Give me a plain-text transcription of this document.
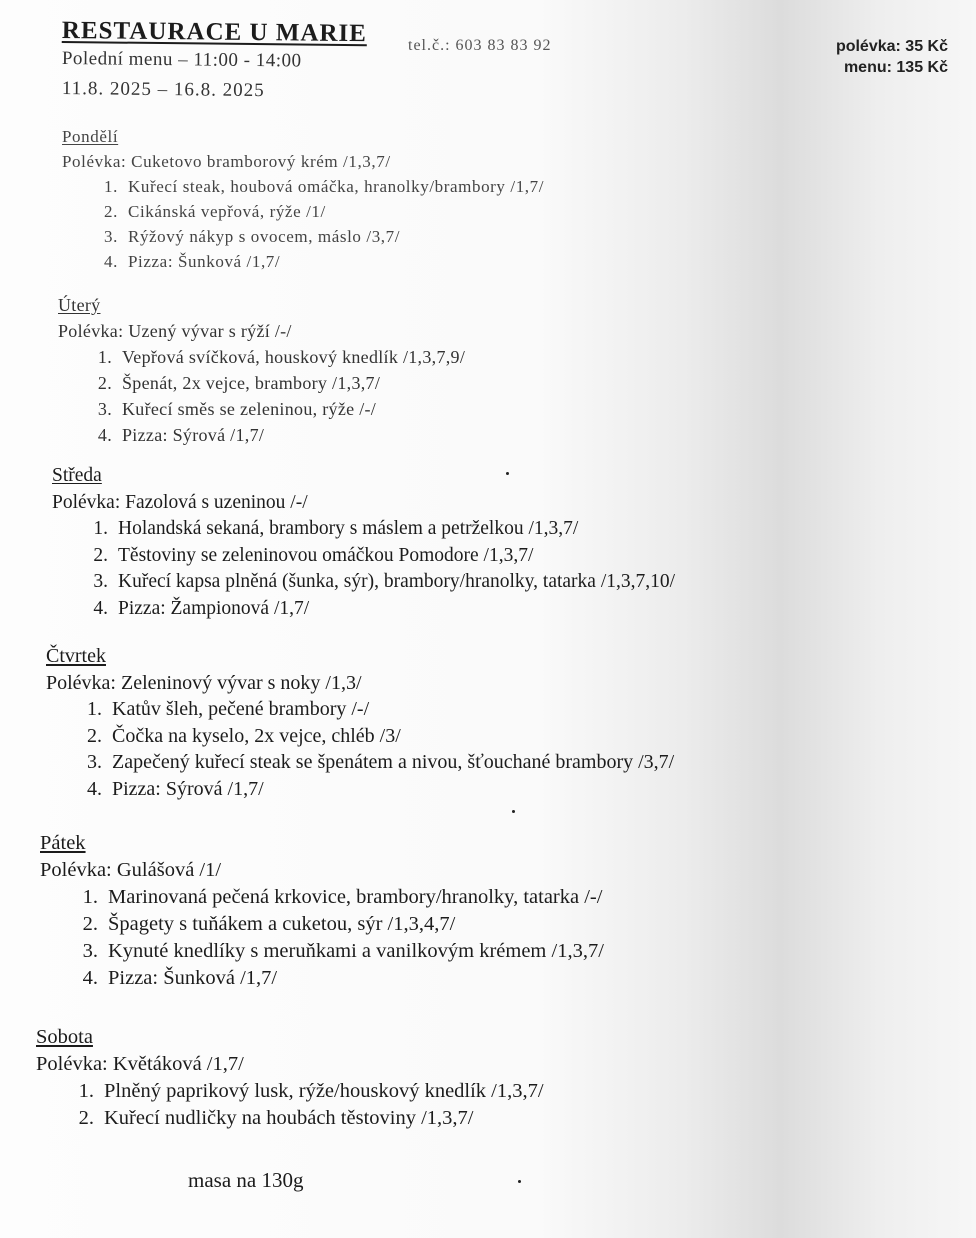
RESTAURACE U MARIE	tel.č.: 603 83 83 92
Polední menu – 11:00 - 14:00
11.8. 2025 – 16.8. 2025
polévka: 35 Kč
menu: 135 Kč
Pondělí
Polévka: Cuketovo bramborový krém /1,3,7/
1. Kuřecí steak, houbová omáčka, hranolky/brambory /1,7/
2. Cikánská vepřová, rýže /1/
3. Rýžový nákyp s ovocem, máslo /3,7/
4. Pizza: Šunková /1,7/
Úterý
Polévka: Uzený vývar s rýží /-/
1. Vepřová svíčková, houskový knedlík /1,3,7,9/
2. Špenát, 2x vejce, brambory /1,3,7/
3. Kuřecí směs se zeleninou, rýže /-/
4. Pizza: Sýrová /1,7/
Středa
Polévka: Fazolová s uzeninou /-/
1. Holandská sekaná, brambory s máslem a petrželkou /1,3,7/
2. Těstoviny se zeleninovou omáčkou Pomodore /1,3,7/
3. Kuřecí kapsa plněná (šunka, sýr), brambory/hranolky, tatarka /1,3,7,10/
4. Pizza: Žampionová /1,7/
Čtvrtek
Polévka: Zeleninový vývar s noky /1,3/
1. Katův šleh, pečené brambory /-/
2. Čočka na kyselo, 2x vejce, chléb /3/
3. Zapečený kuřecí steak se špenátem a nivou, šťouchané brambory /3,7/
4. Pizza: Sýrová /1,7/
Pátek
Polévka: Gulášová /1/
1. Marinovaná pečená krkovice, brambory/hranolky, tatarka /-/
2. Špagety s tuňákem a cuketou, sýr /1,3,4,7/
3. Kynuté knedlíky s meruňkami a vanilkovým krémem /1,3,7/
4. Pizza: Šunková /1,7/
Sobota
Polévka: Květáková /1,7/
1. Plněný paprikový lusk, rýže/houskový knedlík /1,3,7/
2. Kuřecí nudličky na houbách těstoviny /1,3,7/
masa na 130g
